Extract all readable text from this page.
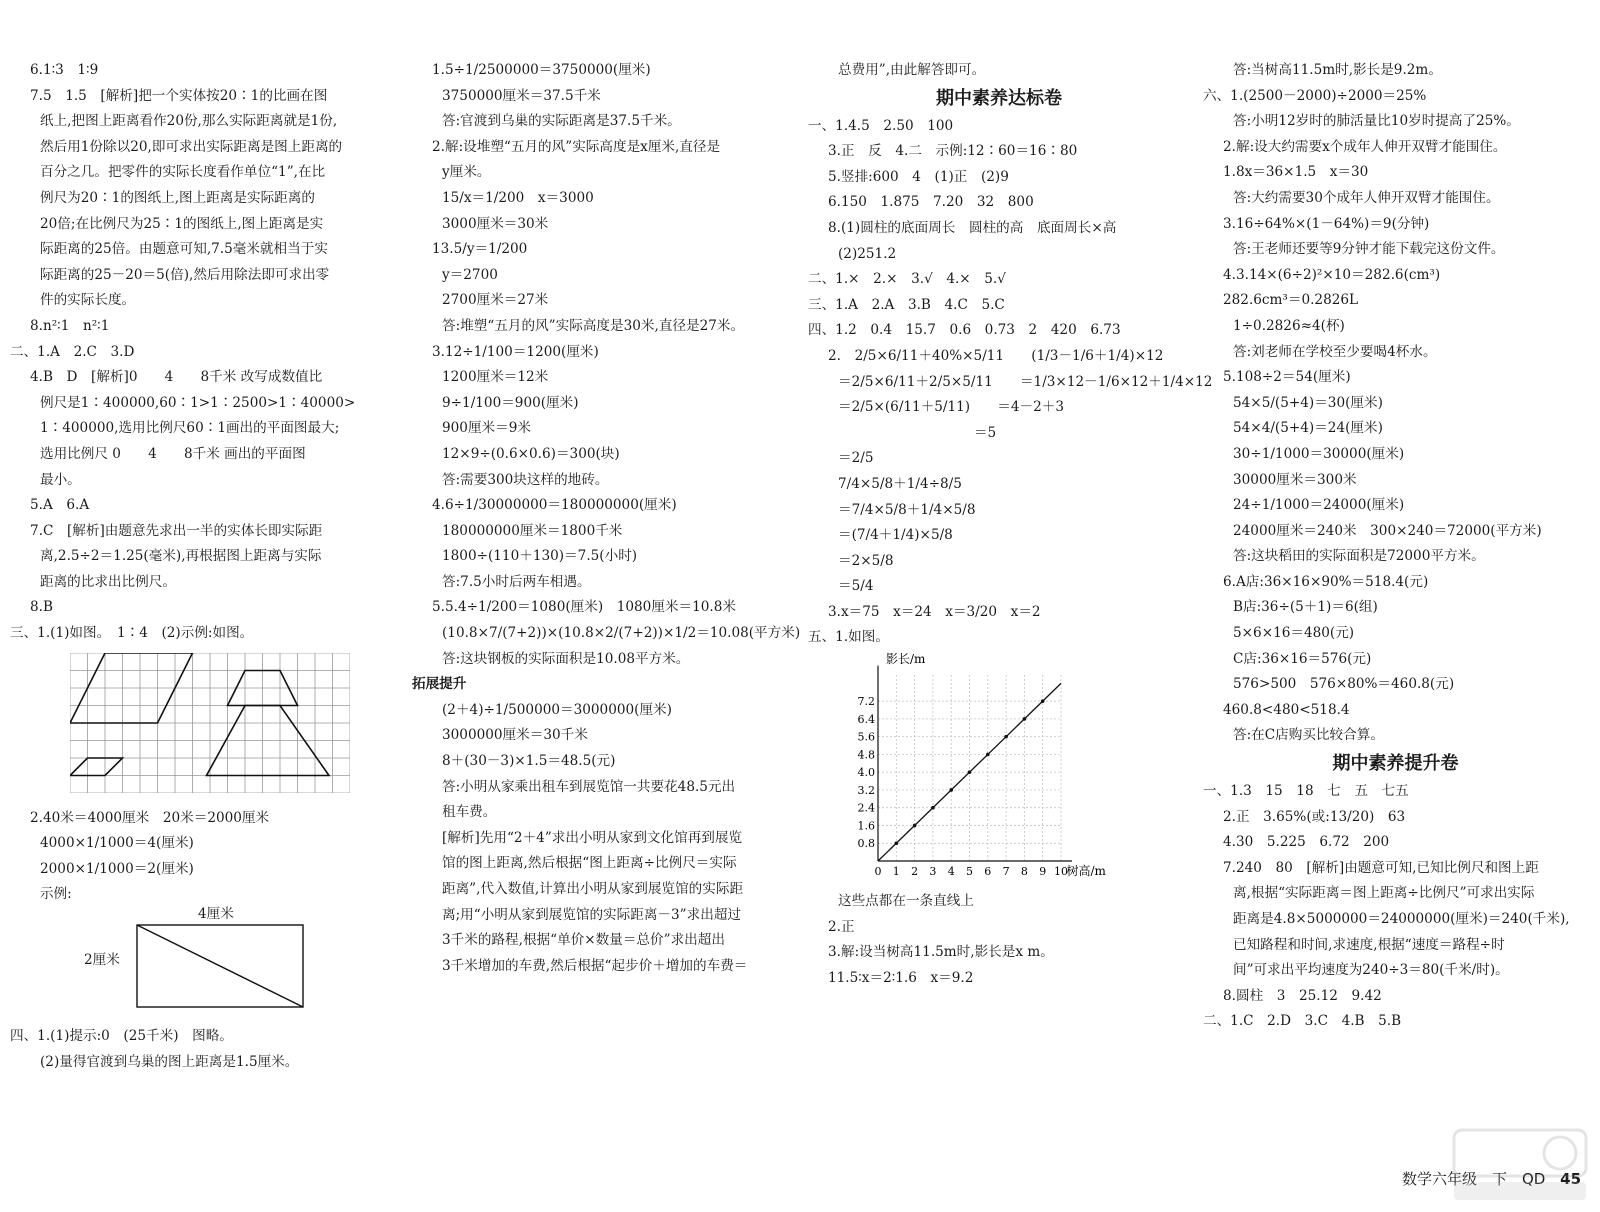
6.1∶3　1∶9
7.5　1.5　[解析]把一个实体按20∶1的比画在图
纸上,把图上距离看作20份,那么实际距离就是1份,
然后用1份除以20,即可求出实际距离是图上距离的
百分之几。把零件的实际长度看作单位“1”,在比
例尺为20∶1的图纸上,图上距离是实际距离的
20倍;在比例尺为25∶1的图纸上,图上距离是实
际距离的25倍。由题意可知,7.5毫米就相当于实
际距离的25－20＝5(倍),然后用除法即可求出零
件的实际长度。
8.n²∶1　n²∶1
二、1.A　2.C　3.D
4.B　D　[解析]0　　4　　8千米 改写成数值比
例尺是1∶400000,60∶1>1∶2500>1∶40000>
1∶400000,选用比例尺60∶1画出的平面图最大;
选用比例尺 0　　4　　8千米 画出的平面图
最小。
5.A　6.A
7.C　[解析]由题意先求出一半的实体长即实际距
离,2.5÷2＝1.25(毫米),再根据图上距离与实际
距离的比求出比例尺。
8.B
三、1.(1)如图。　1∶4　(2)示例:如图。
2.40米＝4000厘米　20米＝2000厘米
4000×1/1000＝4(厘米)
2000×1/1000＝2(厘米)
示例:
4厘米
2厘米
四、1.(1)提示:0　(25千米)　图略。
(2)量得官渡到乌巢的图上距离是1.5厘米。
1.5÷1/2500000＝3750000(厘米)
3750000厘米＝37.5千米
答:官渡到乌巢的实际距离是37.5千米。
2.解:设堆塑“五月的风”实际高度是x厘米,直径是
y厘米。
15/x＝1/200　x＝3000
3000厘米＝30米
13.5/y＝1/200
y＝2700
2700厘米＝27米
答:堆塑“五月的风”实际高度是30米,直径是27米。
3.12÷1/100＝1200(厘米)
1200厘米＝12米
9÷1/100＝900(厘米)
900厘米＝9米
12×9÷(0.6×0.6)＝300(块)
答:需要300块这样的地砖。
4.6÷1/30000000＝180000000(厘米)
180000000厘米＝1800千米
1800÷(110＋130)＝7.5(小时)
答:7.5小时后两车相遇。
5.5.4÷1/200＝1080(厘米)　1080厘米＝10.8米
(10.8×7/(7+2))×(10.8×2/(7+2))×1/2＝10.08(平方米)
答:这块钢板的实际面积是10.08平方米。
拓展提升
(2＋4)÷1/500000＝3000000(厘米)
3000000厘米＝30千米
8＋(30－3)×1.5＝48.5(元)
答:小明从家乘出租车到展览馆一共要花48.5元出
租车费。
[解析]先用“2＋4”求出小明从家到文化馆再到展览
馆的图上距离,然后根据“图上距离÷比例尺＝实际
距离”,代入数值,计算出小明从家到展览馆的实际距
离;用“小明从家到展览馆的实际距离－3”求出超过
3千米的路程,根据“单价×数量＝总价”求出超出
3千米增加的车费,然后根据“起步价＋增加的车费＝
总费用”,由此解答即可。
期中素养达标卷
一、1.4.5　2.50　100
3.正　反　4.二　示例:12∶60＝16∶80
5.竖排:600　4　(1)正　(2)9
6.150　1.875　7.20　32　800
8.(1)圆柱的底面周长　圆柱的高　底面周长×高
(2)251.2
二、1.×　2.×　3.√　4.×　5.√
三、1.A　2.A　3.B　4.C　5.C
四、1.2　0.4　15.7　0.6　0.73　2　420　6.73
2.　2/5×6/11＋40%×5/11　　(1/3－1/6＋1/4)×12
＝2/5×6/11＋2/5×5/11　　＝1/3×12－1/6×12＋1/4×12
＝2/5×(6/11＋5/11)　　＝4－2＋3
　　　　　　　　　　＝5
＝2/5
7/4×5/8＋1/4÷8/5
＝7/4×5/8＋1/4×5/8
＝(7/4＋1/4)×5/8
＝2×5/8
＝5/4
3.x＝75　x＝24　x＝3/20　x＝2
五、1.如图。
0 1 2 3 4 5 6 7 8 9 10
0.8
1.6
2.4
3.2
4.0
4.8
5.6
6.4
7.2
影长/m
树高/m
这些点都在一条直线上
2.正
3.解:设当树高11.5m时,影长是x m。
11.5∶x＝2∶1.6　x＝9.2
答:当树高11.5m时,影长是9.2m。
六、1.(2500－2000)÷2000＝25%
答:小明12岁时的肺活量比10岁时提高了25%。
2.解:设大约需要x个成年人伸开双臂才能围住。
1.8x＝36×1.5　x＝30
答:大约需要30个成年人伸开双臂才能围住。
3.16÷64%×(1－64%)＝9(分钟)
答:王老师还要等9分钟才能下载完这份文件。
4.3.14×(6÷2)²×10＝282.6(cm³)
282.6cm³＝0.2826L
1÷0.2826≈4(杯)
答:刘老师在学校至少要喝4杯水。
5.108÷2＝54(厘米)
54×5/(5+4)＝30(厘米)
54×4/(5+4)＝24(厘米)
30÷1/1000＝30000(厘米)
30000厘米＝300米
24÷1/1000＝24000(厘米)
24000厘米＝240米　300×240＝72000(平方米)
答:这块稻田的实际面积是72000平方米。
6.A店:36×16×90%＝518.4(元)
B店:36÷(5＋1)＝6(组)
5×6×16＝480(元)
C店:36×16＝576(元)
576>500　576×80%＝460.8(元)
460.8<480<518.4
答:在C店购买比较合算。
期中素养提升卷
一、1.3　15　18　七　五　七五
2.正　3.65%(或:13/20)　63
4.30　5.225　6.72　200
7.240　80　[解析]由题意可知,已知比例尺和图上距
离,根据“实际距离＝图上距离÷比例尺”可求出实际
距离是4.8×5000000＝24000000(厘米)＝240(千米),
已知路程和时间,求速度,根据“速度＝路程÷时
间”可求出平均速度为240÷3＝80(千米/时)。
8.圆柱　3　25.12　9.42
二、1.C　2.D　3.C　4.B　5.B
数学六年级　下　QD 45
